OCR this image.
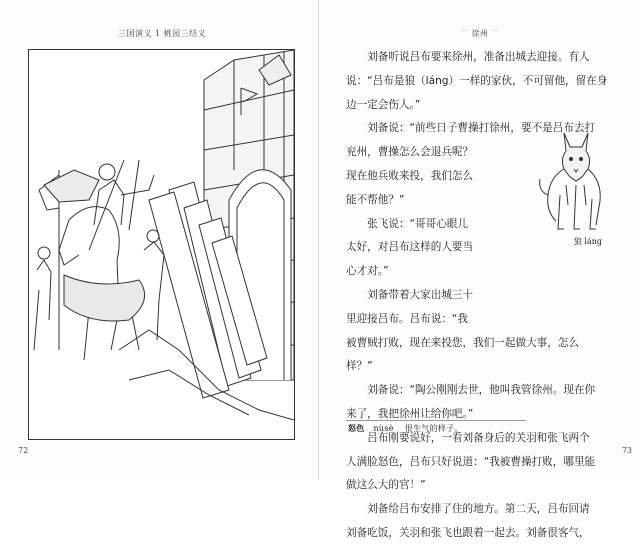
三国演义 1 桃园三结义
72
⌒ 徐州 ⌒

　　刘备听说吕布要来徐州，准备出城去迎接。有人

说：“吕布是狼（láng）一样的家伙，不可留他，留在身

边一定会伤人。”

　　刘备说：“前些日子曹操打徐州，要不是吕布去打

兖州，曹操怎么会退兵呢？

现在他兵败来投，我们怎么

能不帮他？”

　　张飞说：“哥哥心眼儿

太好，对吕布这样的人要当

心才对。”

　　刘备带着大家出城三十

里迎接吕布。吕布说：“我

被曹贼打败，现在来投您，我们一起做大事，怎么

样？”

　　刘备说：“陶公刚刚去世，他叫我管徐州。现在你

来了，我把徐州让给你吧。”

　　吕布刚要说好，一看刘备身后的关羽和张飞两个

人满脸怒色，吕布只好说道：“我被曹操打败，哪里能

做这么大的官！”

　　刘备给吕布安排了住的地方。第二天，吕布回请

刘备吃饭，关羽和张飞也跟着一起去。刘备很客气，

狼 láng
怒色 nùsè 很生气的样子。
73
